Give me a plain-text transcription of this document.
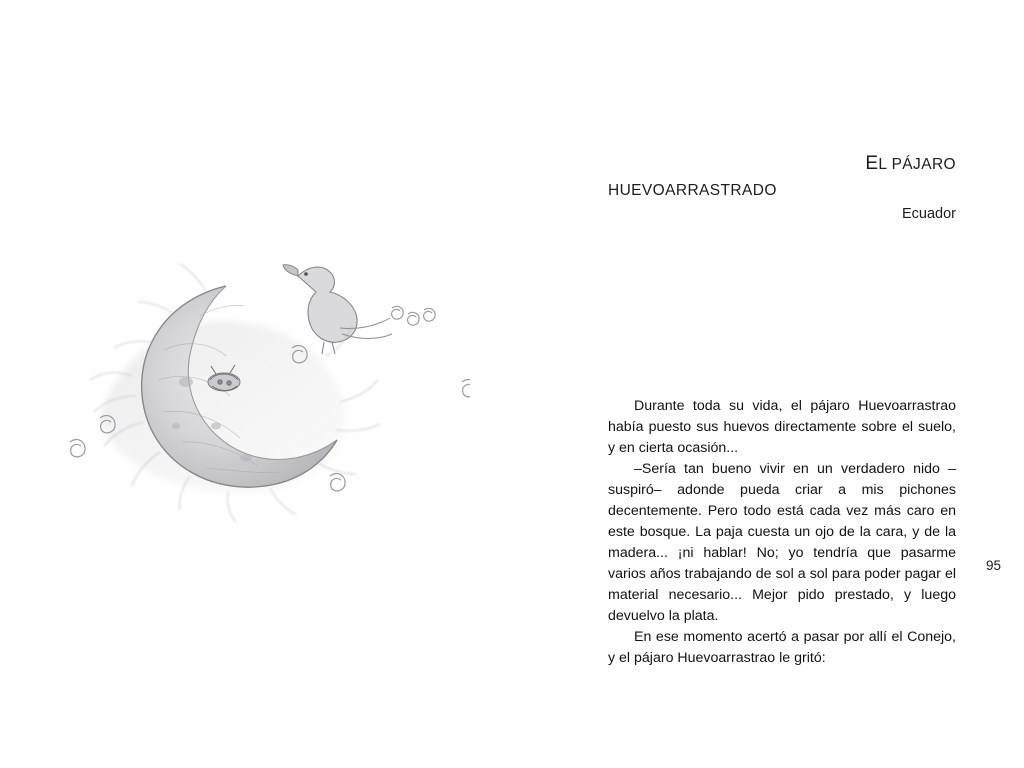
EL PÁJARO
HUEVOARRASTRADO
Ecuador

Durante toda su vida, el pájaro Huevoarrastrao había puesto sus huevos directamente sobre el suelo, y en cierta ocasión...

–Sería tan bueno vivir en un verdadero nido –suspiró– adonde pueda criar a mis pichones decentemente. Pero todo está cada vez más caro en este bosque. La paja cuesta un ojo de la cara, y de la madera... ¡ni hablar! No; yo tendría que pasarme varios años trabajando de sol a sol para poder pagar el material necesario... Mejor pido prestado, y luego devuelvo la plata.

En ese momento acertó a pasar por allí el Conejo, y el pájaro Huevoarrastrao le gritó:

95
